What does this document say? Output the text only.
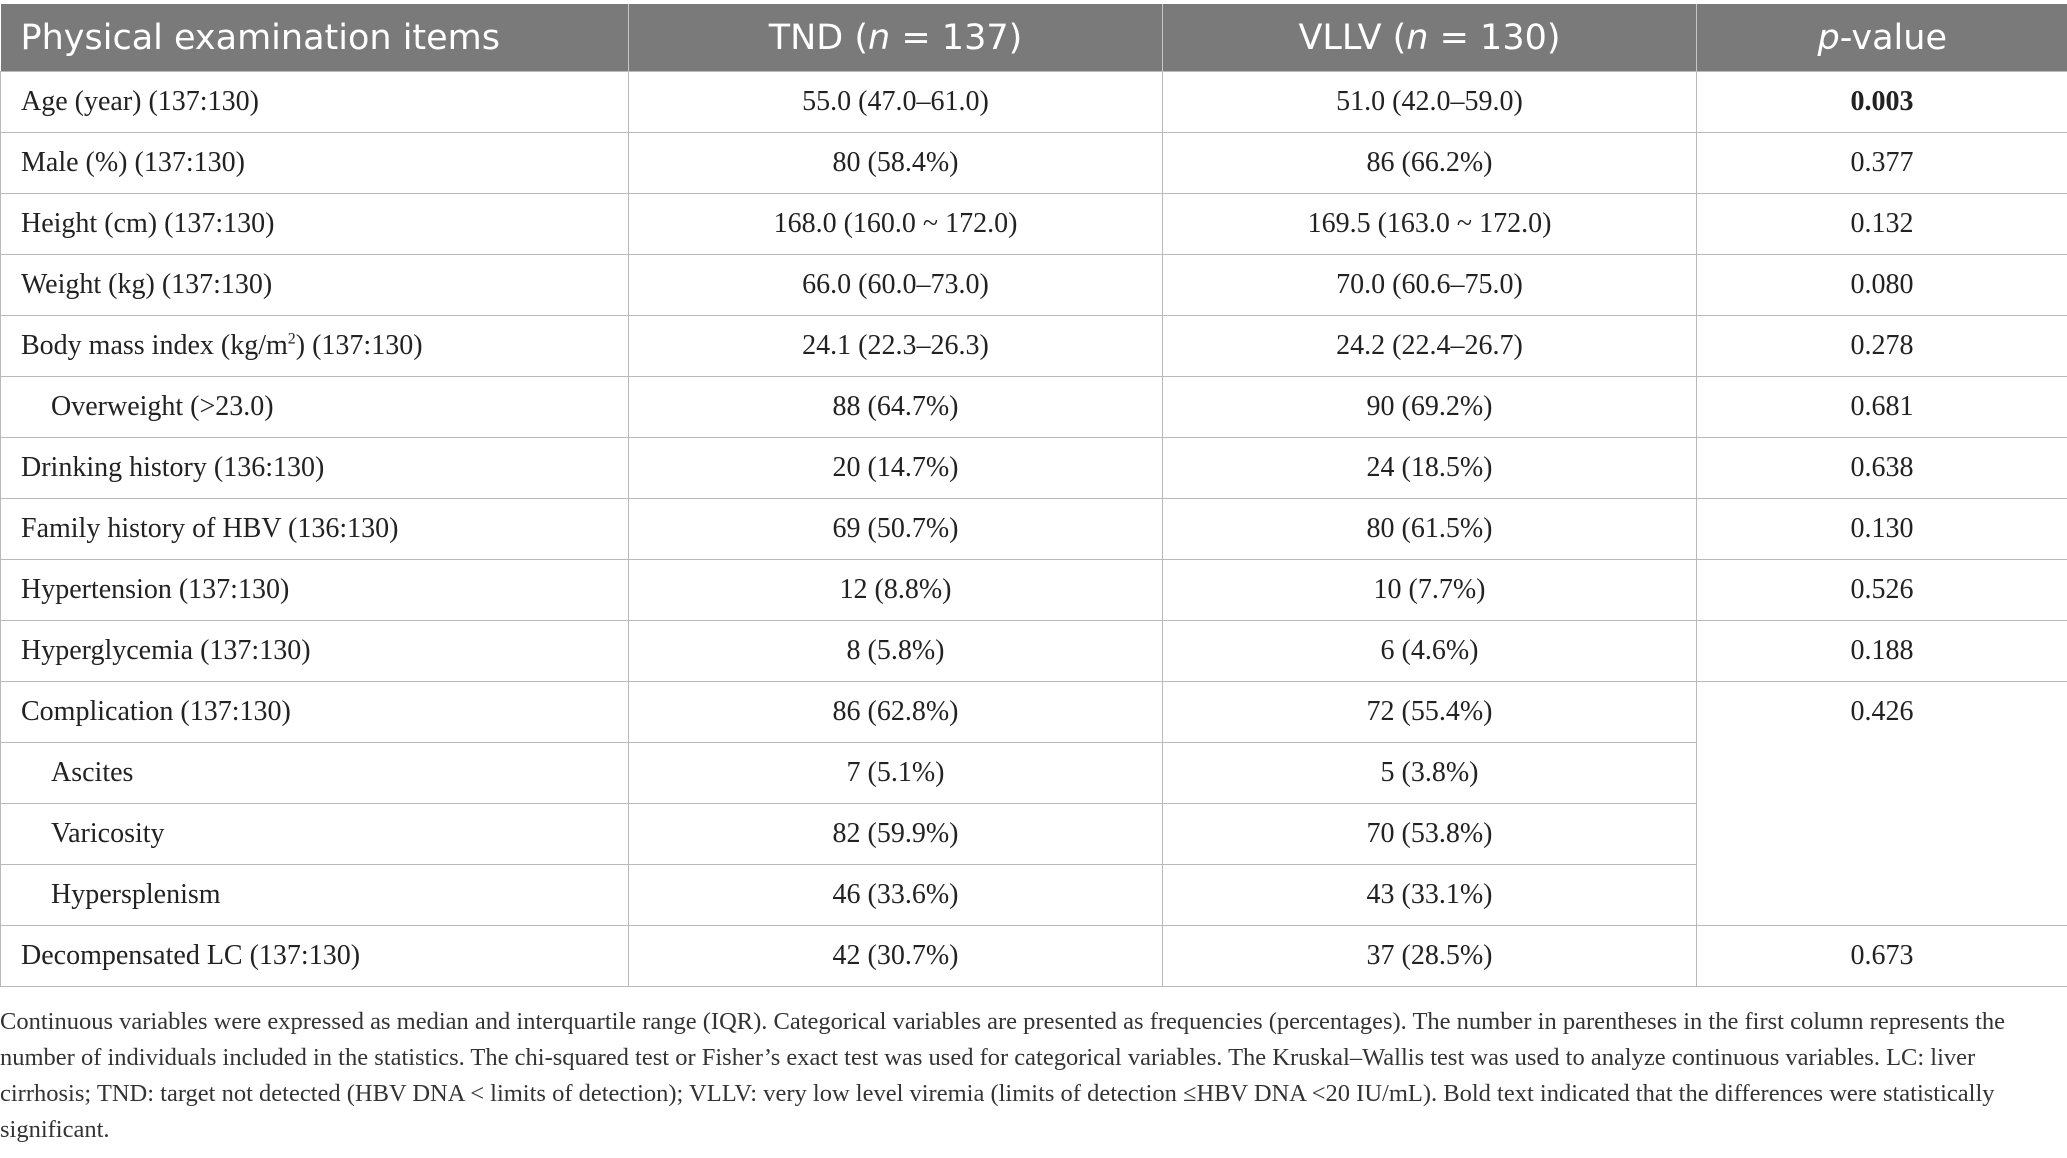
Physical examination items	TND (n = 137)	VLLV (n = 130)	p-value
Age (year) (137:130)	55.0 (47.0–61.0)	51.0 (42.0–59.0)	0.003
Male (%) (137:130)	80 (58.4%)	86 (66.2%)	0.377
Height (cm) (137:130)	168.0 (160.0 ~ 172.0)	169.5 (163.0 ~ 172.0)	0.132
Weight (kg) (137:130)	66.0 (60.0–73.0)	70.0 (60.6–75.0)	0.080
Body mass index $(kg/m^2)$ (137:130)	24.1 (22.3–26.3)	24.2 (22.4–26.7)	0.278
Overweight (>23.0)	88 (64.7%)	90 (69.2%)	0.681
Drinking history (136:130)	20 (14.7%)	24 (18.5%)	0.638
Family history of HBV (136:130)	69 (50.7%)	80 (61.5%)	0.130
Hypertension (137:130)	12 (8.8%)	10 (7.7%)	0.526
Hyperglycemia (137:130)	8 (5.8%)	6 (4.6%)	0.188
Complication (137:130)	86 (62.8%)	72 (55.4%)	0.426
Ascites	7 (5.1%)	5 (3.8%)	
Varicosity	82 (59.9%)	70 (53.8%)	
Hypersplenism	46 (33.6%)	43 (33.1%)	
Decompensated LC (137:130)	42 (30.7%)	37 (28.5%)	0.673
Continuous variables were expressed as median and interquartile range (IQR). Categorical variables are presented as frequencies (percentages). The number in parentheses in the first column represents the number of individuals included in the statistics. The chi-squared test or Fisher’s exact test was used for categorical variables. The Kruskal–Wallis test was used to analyze continuous variables. LC: liver cirrhosis; TND: target not detected (HBV DNA < limits of detection); VLLV: very low level viremia (limits of detection ≤HBV DNA <20 IU/mL). Bold text indicated that the differences were statistically significant.
